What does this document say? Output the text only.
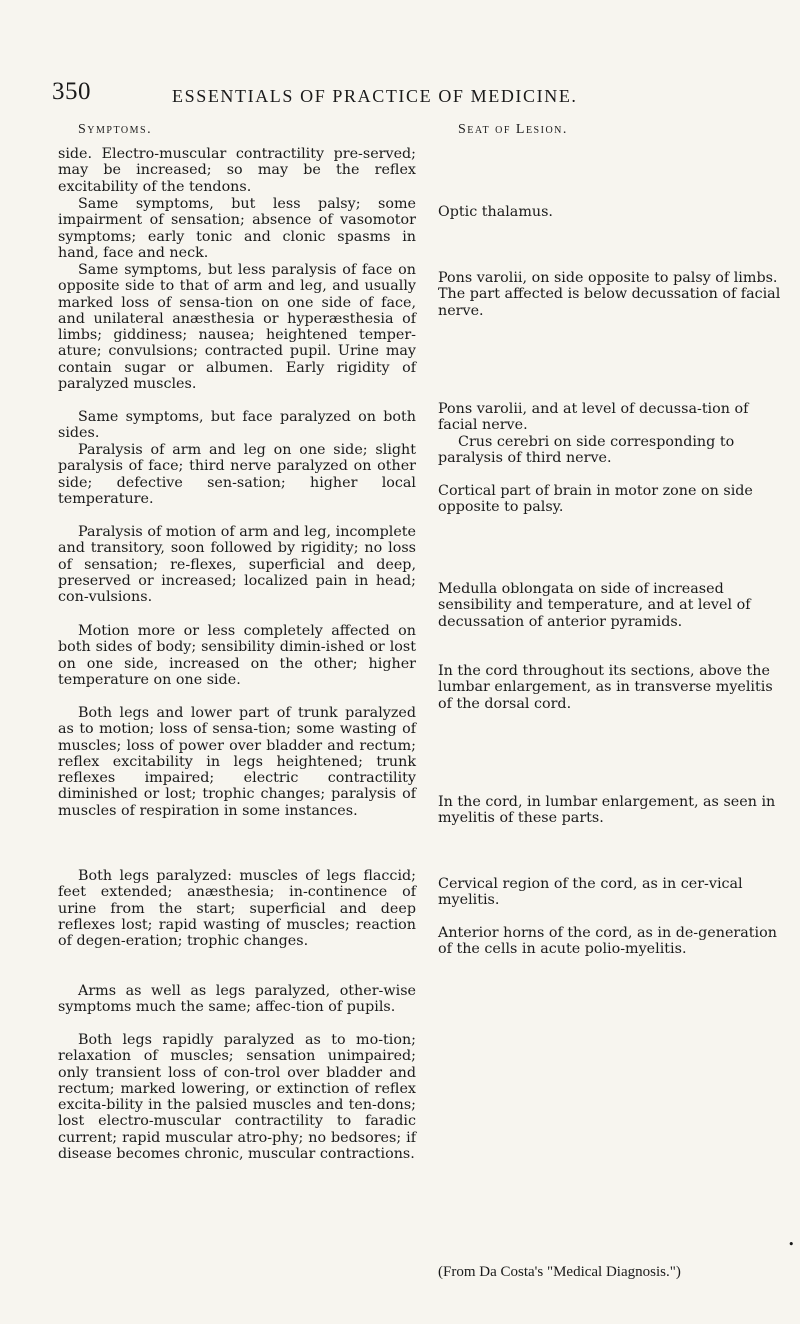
350	ESSENTIALS OF PRACTICE OF MEDICINE.
Symptoms.

side. Electro-muscular contractility pre-served; may be increased; so may be the reflex excitability of the tendons.

Same symptoms, but less palsy; some impairment of sensation; absence of vasomotor symptoms; early tonic and clonic spasms in hand, face and neck.

Same symptoms, but less paralysis of face on opposite side to that of arm and leg, and usually marked loss of sensa-tion on one side of face, and unilateral anæsthesia or hyperæsthesia of limbs; giddiness; nausea; heightened temper-ature; convulsions; contracted pupil. Urine may contain sugar or albumen. Early rigidity of paralyzed muscles.

Same symptoms, but face paralyzed on both sides.

Paralysis of arm and leg on one side; slight paralysis of face; third nerve paralyzed on other side; defective sen-sation; higher local temperature.

Paralysis of motion of arm and leg, incomplete and transitory, soon followed by rigidity; no loss of sensation; re-flexes, superficial and deep, preserved or increased; localized pain in head; con-vulsions.

Motion more or less completely affected on both sides of body; sensibility dimin-ished or lost on one side, increased on the other; higher temperature on one side.

Both legs and lower part of trunk paralyzed as to motion; loss of sensa-tion; some wasting of muscles; loss of power over bladder and rectum; reflex excitability in legs heightened; trunk reflexes impaired; electric contractility diminished or lost; trophic changes; paralysis of muscles of respiration in some instances.

Both legs paralyzed: muscles of legs flaccid; feet extended; anæsthesia; in-continence of urine from the start; superficial and deep reflexes lost; rapid wasting of muscles; reaction of degen-eration; trophic changes.

Arms as well as legs paralyzed, other-wise symptoms much the same; affec-tion of pupils.

Both legs rapidly paralyzed as to mo-tion; relaxation of muscles; sensation unimpaired; only transient loss of con-trol over bladder and rectum; marked lowering, or extinction of reflex excita-bility in the palsied muscles and ten-dons; lost electro-muscular contractility to faradic current; rapid muscular atro-phy; no bedsores; if disease becomes chronic, muscular contractions.

Seat of Lesion.
Optic thalamus.
Pons varolii, on side opposite to palsy of limbs. The part affected is below decussation of facial nerve.
Pons varolii, and at level of decussa-tion of facial nerve.
Crus cerebri on side corresponding to paralysis of third nerve.
Cortical part of brain in motor zone on side opposite to palsy.
Medulla oblongata on side of increased sensibility and temperature, and at level of decussation of anterior pyramids.
In the cord throughout its sections, above the lumbar enlargement, as in transverse myelitis of the dorsal cord.
In the cord, in lumbar enlargement, as seen in myelitis of these parts.
Cervical region of the cord, as in cer-vical myelitis.
Anterior horns of the cord, as in de-generation of the cells in acute polio-myelitis.
(From Da Costa's "Medical Diagnosis.")
•
